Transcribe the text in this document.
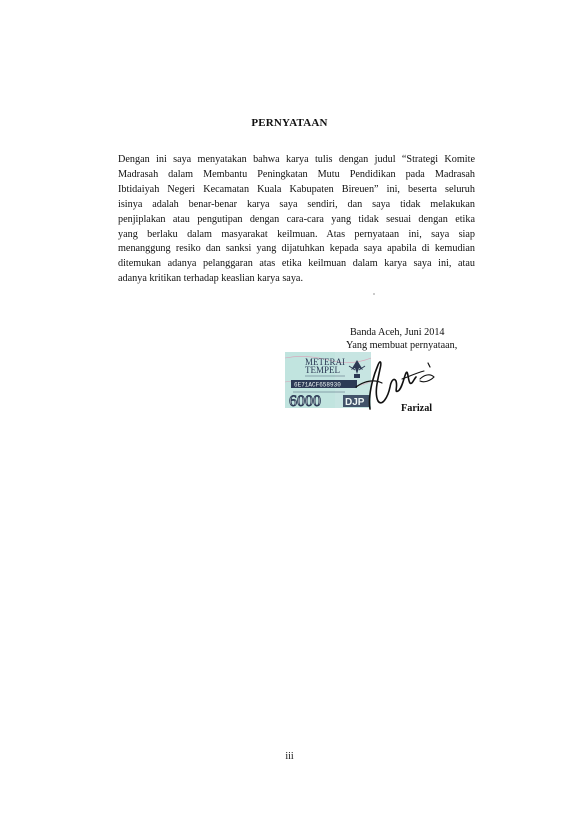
PERNYATAAN
Dengan ini saya menyatakan bahwa karya tulis dengan judul “Strategi Komite
Madrasah dalam Membantu Peningkatan Mutu Pendidikan pada Madrasah
Ibtidaiyah Negeri Kecamatan Kuala Kabupaten Bireuen” ini, beserta seluruh
isinya adalah benar-benar karya saya sendiri, dan saya tidak melakukan
penjiplakan atau pengutipan dengan cara-cara yang tidak sesuai dengan etika
yang berlaku dalam masyarakat keilmuan. Atas pernyataan ini, saya siap
menanggung resiko dan sanksi yang dijatuhkan kepada saya apabila di kemudian
ditemukan adanya pelanggaran atas etika keilmuan dalam karya saya ini, atau
adanya kritikan terhadap keaslian karya saya.
Banda Aceh, Juni 2014
Yang membuat pernyataan,
METERAI
TEMPEL
6E71ACF658930
6000 DJP
Farizal
iii
